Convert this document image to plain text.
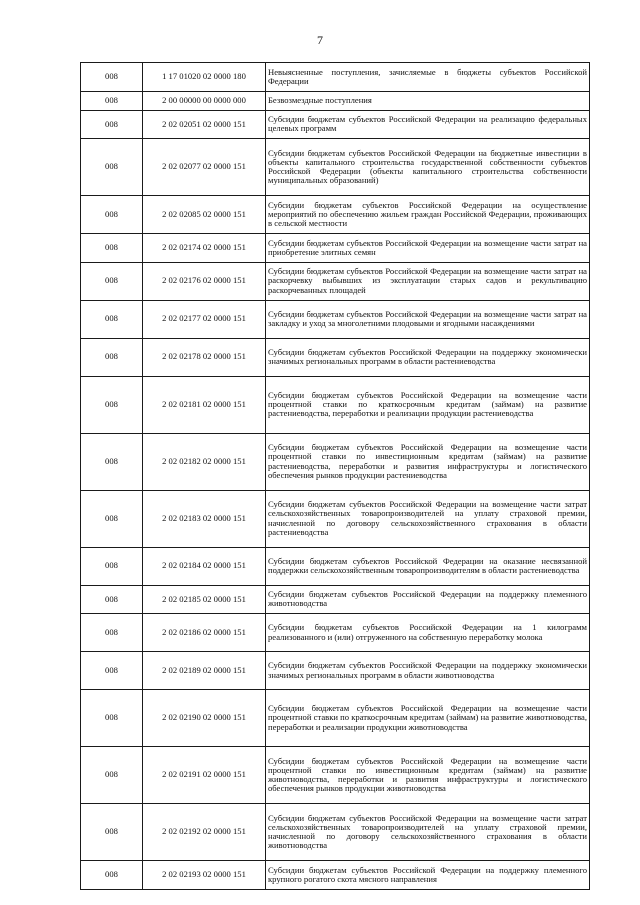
7
008	1 17 01020 02 0000 180	Невыясненные поступления, зачисляемые в бюджеты субъектов Российской Федерации
008	2 00 00000 00 0000 000	Безвозмездные поступления
008	2 02 02051 02 0000 151	Субсидии бюджетам субъектов Российской Федерации на реализацию федеральных целевых программ
008	2 02 02077 02 0000 151	Субсидии бюджетам субъектов Российской Федерации на бюджетные инвестиции в объекты капитального строительства государственной собственности субъектов Российской Федерации (объекты капитального строительства собственности муниципальных образований)
008	2 02 02085 02 0000 151	Субсидии бюджетам субъектов Российской Федерации на осуществление мероприятий по обеспечению жильем граждан Российской Федерации, проживающих в сельской местности
008	2 02 02174 02 0000 151	Субсидии бюджетам субъектов Российской Федерации на возмещение части затрат на приобретение элитных семян
008	2 02 02176 02 0000 151	Субсидии бюджетам субъектов Российской Федерации на возмещение части затрат на раскорчевку выбывших из эксплуатации старых садов и рекультивацию раскорчеванных площадей
008	2 02 02177 02 0000 151	Субсидии бюджетам субъектов Российской Федерации на возмещение части затрат на закладку и уход за многолетними плодовыми и ягодными насаждениями
008	2 02 02178 02 0000 151	Субсидии бюджетам субъектов Российской Федерации на поддержку экономически значимых региональных программ в области растениеводства
008	2 02 02181 02 0000 151	Субсидии бюджетам субъектов Российской Федерации на возмещение части процентной ставки по краткосрочным кредитам (займам) на развитие растениеводства, переработки и реализации продукции растениеводства
008	2 02 02182 02 0000 151	Субсидии бюджетам субъектов Российской Федерации на возмещение части процентной ставки по инвестиционным кредитам (займам) на развитие растениеводства, переработки и развития инфраструктуры и логистического обеспечения рынков продукции растениеводства
008	2 02 02183 02 0000 151	Субсидии бюджетам субъектов Российской Федерации на возмещение части затрат сельскохозяйственных товаропроизводителей на уплату страховой премии, начисленной по договору сельскохозяйственного страхования в области растениеводства
008	2 02 02184 02 0000 151	Субсидии бюджетам субъектов Российской Федерации на оказание несвязанной поддержки сельскохозяйственным товаропроизводителям в области растениеводства
008	2 02 02185 02 0000 151	Субсидии бюджетам субъектов Российской Федерации на поддержку племенного животноводства
008	2 02 02186 02 0000 151	Субсидии бюджетам субъектов Российской Федерации на 1 килограмм реализованного и (или) отгруженного на собственную переработку молока
008	2 02 02189 02 0000 151	Субсидии бюджетам субъектов Российской Федерации на поддержку экономически значимых региональных программ в области животноводства
008	2 02 02190 02 0000 151	Субсидии бюджетам субъектов Российской Федерации на возмещение части процентной ставки по краткосрочным кредитам (займам) на развитие животноводства, переработки и реализации продукции животноводства
008	2 02 02191 02 0000 151	Субсидии бюджетам субъектов Российской Федерации на возмещение части процентной ставки по инвестиционным кредитам (займам) на развитие животноводства, переработки и развития инфраструктуры и логистического обеспечения рынков продукции животноводства
008	2 02 02192 02 0000 151	Субсидии бюджетам субъектов Российской Федерации на возмещение части затрат сельскохозяйственных товаропроизводителей на уплату страховой премии, начисленной по договору сельскохозяйственного страхования в области животноводства
008	2 02 02193 02 0000 151	Субсидии бюджетам субъектов Российской Федерации на поддержку племенного крупного рогатого скота мясного направления
